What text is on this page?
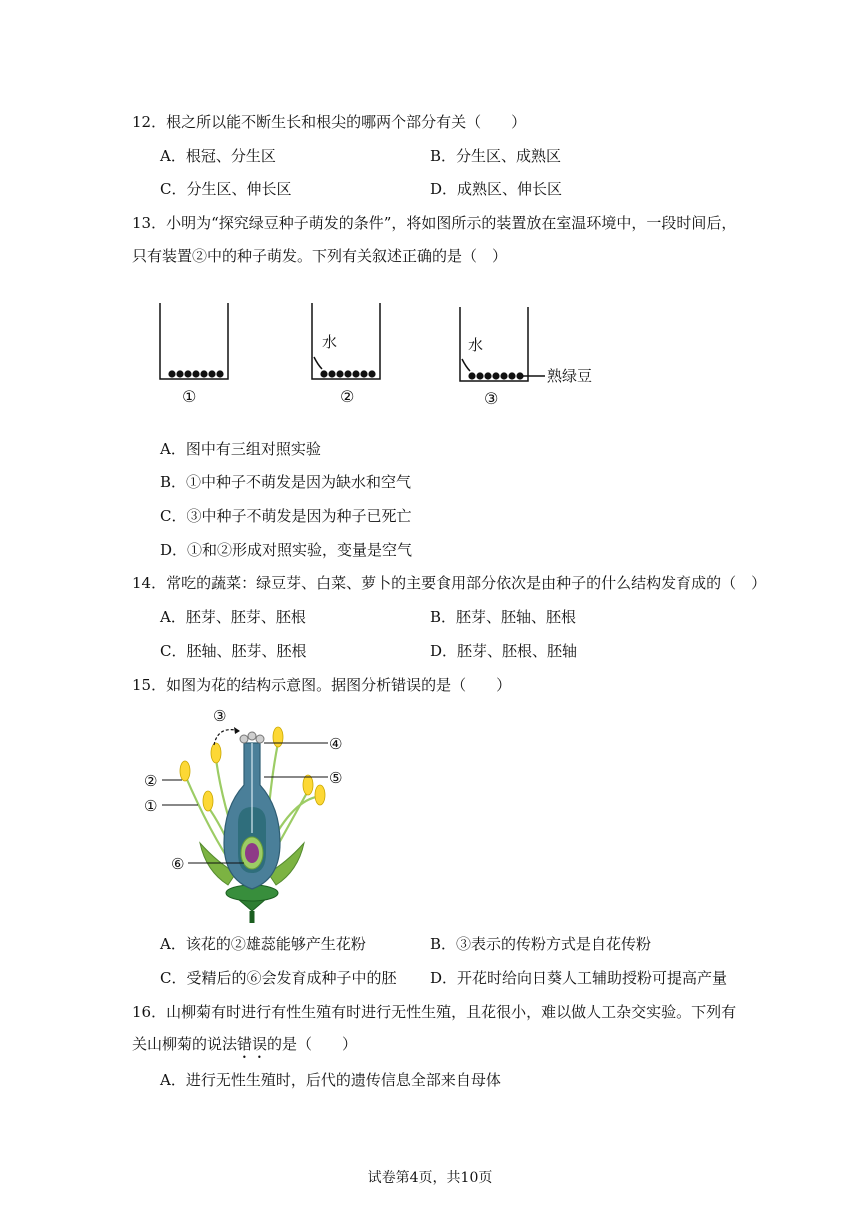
12．根之所以能不断生长和根尖的哪两个部分有关（　　）
A．根冠、分生区	B．分生区、成熟区
C．分生区、伸长区	D．成熟区、伸长区
13．小明为“探究绿豆种子萌发的条件”，将如图所示的装置放在室温环境中，一段时间后，
只有装置②中的种子萌发。下列有关叙述正确的是（　）
①
水
②
水
熟绿豆
③
A．图中有三组对照实验
B．①中种子不萌发是因为缺水和空气
C．③中种子不萌发是因为种子已死亡
D．①和②形成对照实验，变量是空气
14．常吃的蔬菜：绿豆芽、白菜、萝卜的主要食用部分依次是由种子的什么结构发育成的（　）
A．胚芽、胚芽、胚根	B．胚芽、胚轴、胚根
C．胚轴、胚芽、胚根	D．胚芽、胚根、胚轴
15．如图为花的结构示意图。据图分析错误的是（　　）
③
④
②	⑤
①
⑥
A．该花的②雄蕊能够产生花粉	B．③表示的传粉方式是自花传粉
C．受精后的⑥会发育成种子中的胚 D．开花时给向日葵人工辅助授粉可提高产量
16．山柳菊有时进行有性生殖有时进行无性生殖，且花很小，难以做人工杂交实验。下列有
关山柳菊的说法错误的是（　　）
A．进行无性生殖时，后代的遗传信息全部来自母体
试卷第4页，共10页
